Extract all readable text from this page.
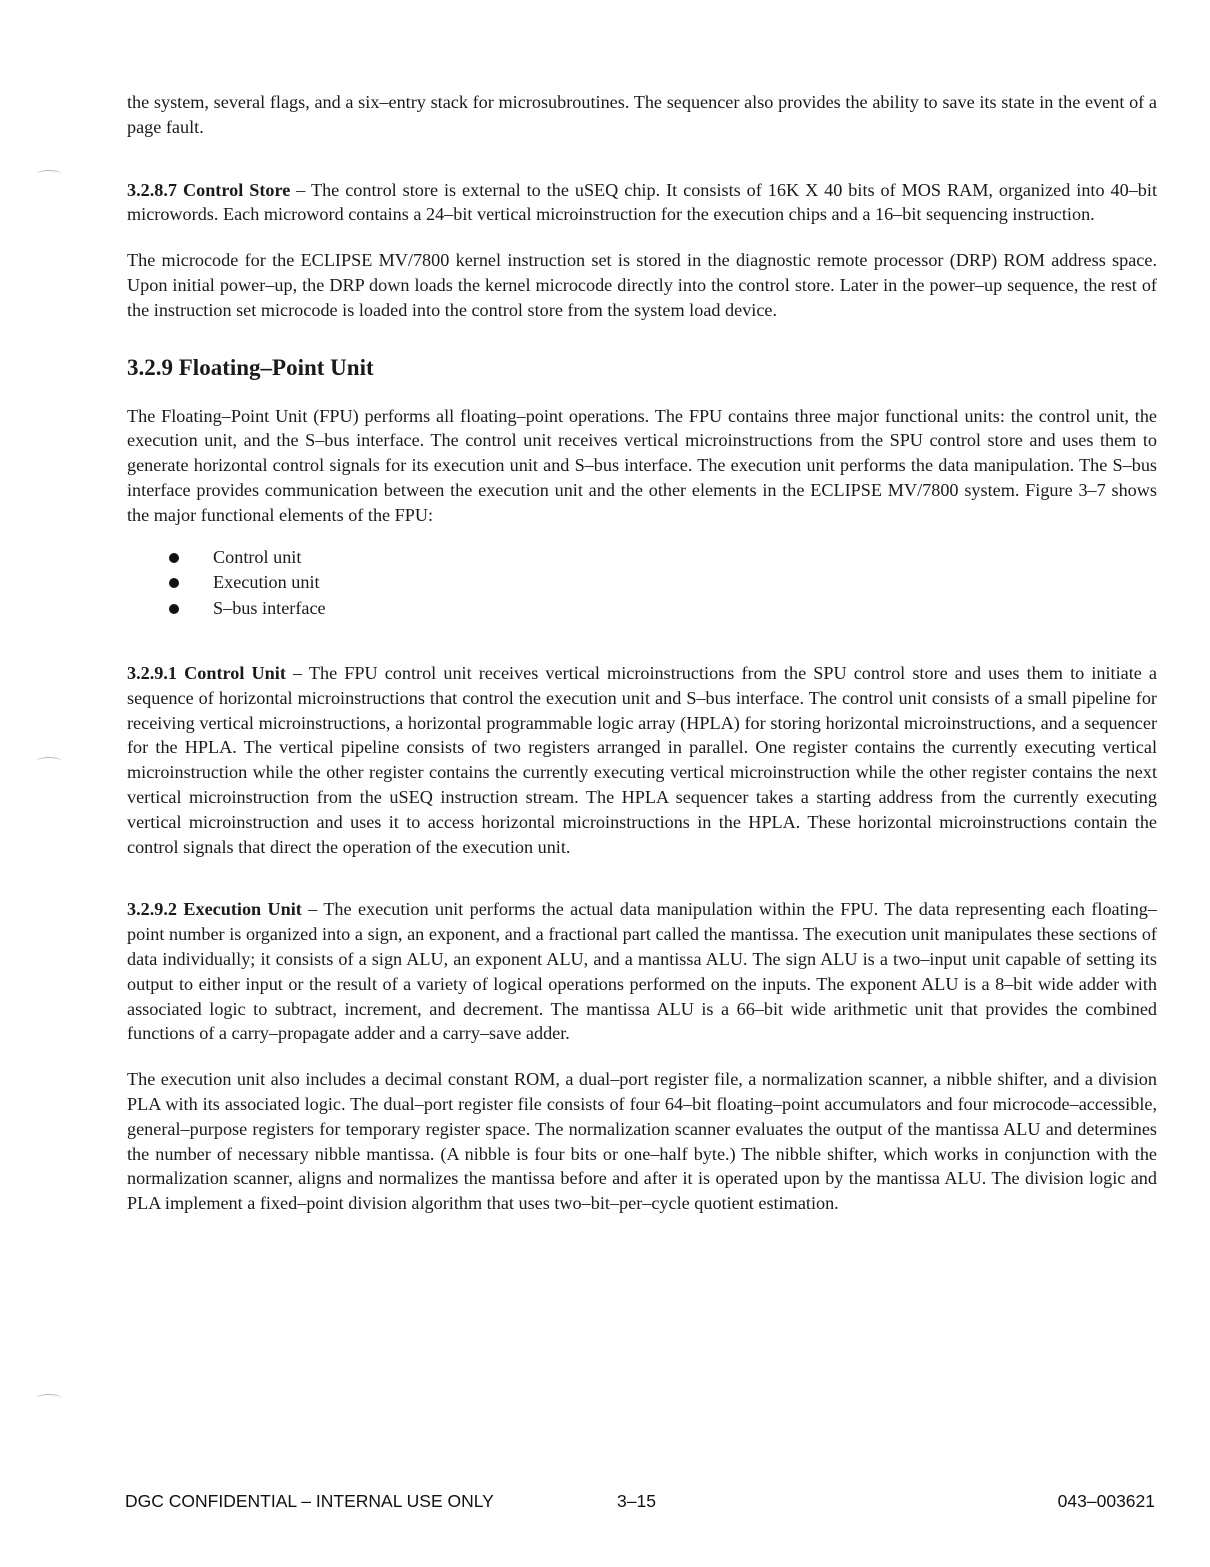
the system, several flags, and a six–entry stack for microsubroutines. The sequencer also provides the ability to save its state in the event of a page fault.

3.2.8.7 Control Store – The control store is external to the uSEQ chip. It consists of 16K X 40 bits of MOS RAM, organized into 40–bit microwords. Each microword contains a 24–bit vertical microinstruction for the execution chips and a 16–bit sequencing instruction.

The microcode for the ECLIPSE MV/7800 kernel instruction set is stored in the diagnostic remote processor (DRP) ROM address space. Upon initial power–up, the DRP down loads the kernel microcode directly into the control store. Later in the power–up sequence, the rest of the instruction set microcode is loaded into the control store from the system load device.

3.2.9 Floating–Point Unit

The Floating–Point Unit (FPU) performs all floating–point operations. The FPU contains three major functional units: the control unit, the execution unit, and the S–bus interface. The control unit receives vertical microinstructions from the SPU control store and uses them to generate horizontal control signals for its execution unit and S–bus interface. The execution unit performs the data manipulation. The S–bus interface provides communication between the execution unit and the other elements in the ECLIPSE MV/7800 system. Figure 3–7 shows the major functional elements of the FPU:

Control unit
Execution unit
S–bus interface

3.2.9.1 Control Unit – The FPU control unit receives vertical microinstructions from the SPU control store and uses them to initiate a sequence of horizontal microinstructions that control the execution unit and S–bus interface. The control unit consists of a small pipeline for receiving vertical microinstructions, a horizontal programmable logic array (HPLA) for storing horizontal microinstructions, and a sequencer for the HPLA. The vertical pipeline consists of two registers arranged in parallel. One register contains the currently executing vertical microinstruction while the other register contains the currently executing vertical microinstruction while the other register contains the next vertical microinstruction from the uSEQ instruction stream. The HPLA sequencer takes a starting address from the currently executing vertical microinstruction and uses it to access horizontal microinstructions in the HPLA. These horizontal microinstructions contain the control signals that direct the operation of the execution unit.

3.2.9.2 Execution Unit – The execution unit performs the actual data manipulation within the FPU. The data representing each floating–point number is organized into a sign, an exponent, and a fractional part called the mantissa. The execution unit manipulates these sections of data individually; it consists of a sign ALU, an exponent ALU, and a mantissa ALU. The sign ALU is a two–input unit capable of setting its output to either input or the result of a variety of logical operations performed on the inputs. The exponent ALU is a 8–bit wide adder with associated logic to subtract, increment, and decrement. The mantissa ALU is a 66–bit wide arithmetic unit that provides the combined functions of a carry–propagate adder and a carry–save adder.

The execution unit also includes a decimal constant ROM, a dual–port register file, a normalization scanner, a nibble shifter, and a division PLA with its associated logic. The dual–port register file consists of four 64–bit floating–point accumulators and four microcode–accessible, general–purpose registers for temporary register space. The normalization scanner evaluates the output of the mantissa ALU and determines the number of necessary nibble mantissa. (A nibble is four bits or one–half byte.) The nibble shifter, which works in conjunction with the normalization scanner, aligns and normalizes the mantissa before and after it is operated upon by the mantissa ALU. The division logic and PLA implement a fixed–point division algorithm that uses two–bit–per–cycle quotient estimation.

DGC CONFIDENTIAL – INTERNAL USE ONLY	3–15	043–003621
